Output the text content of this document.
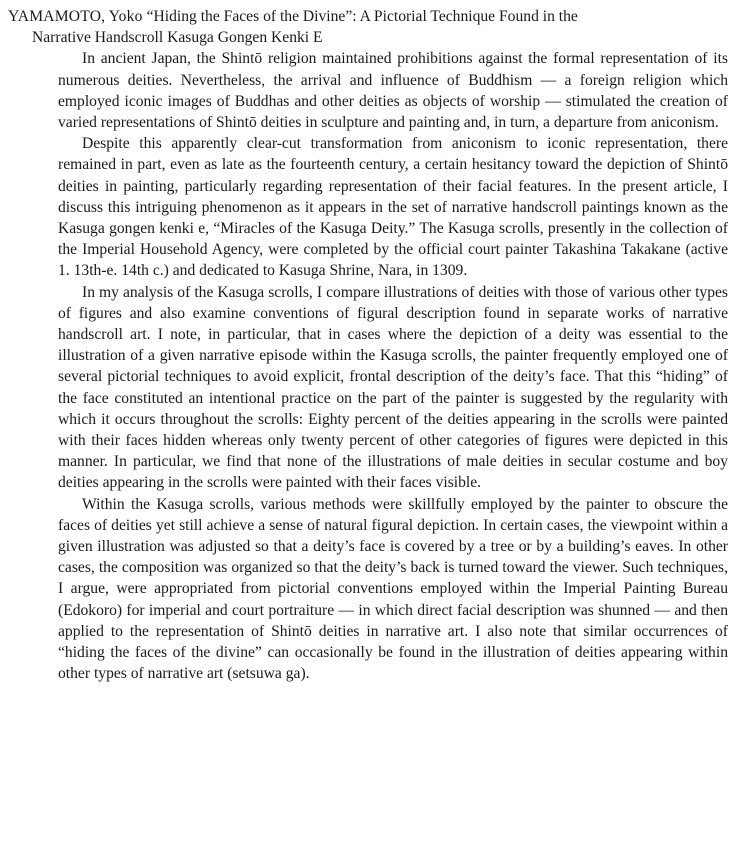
YAMAMOTO, Yoko “Hiding the Faces of the Divine”: A Pictorial Technique Found in the
Narrative Handscroll Kasuga Gongen Kenki E

In ancient Japan, the Shintō religion maintained prohibitions against the formal representation of its numerous deities. Nevertheless, the arrival and influence of Buddhism — a foreign religion which employed iconic images of Buddhas and other deities as objects of worship — stimulated the creation of varied representations of Shintō deities in sculpture and painting and, in turn, a departure from aniconism.

Despite this apparently clear-cut transformation from aniconism to iconic representation, there remained in part, even as late as the fourteenth century, a certain hesitancy toward the depiction of Shintō deities in painting, particularly regarding representation of their facial features. In the present article, I discuss this intriguing phenomenon as it appears in the set of narrative handscroll paintings known as the Kasuga gongen kenki e, “Miracles of the Kasuga Deity.” The Kasuga scrolls, presently in the collection of the Imperial Household Agency, were completed by the official court painter Takashina Takakane (active 1. 13th-e. 14th c.) and dedicated to Kasuga Shrine, Nara, in 1309.

In my analysis of the Kasuga scrolls, I compare illustrations of deities with those of various other types of figures and also examine conventions of figural description found in separate works of narrative handscroll art. I note, in particular, that in cases where the depiction of a deity was essential to the illustration of a given narrative episode within the Kasuga scrolls, the painter frequently employed one of several pictorial techniques to avoid explicit, frontal description of the deity’s face. That this “hiding” of the face constituted an intentional practice on the part of the painter is suggested by the regularity with which it occurs throughout the scrolls: Eighty percent of the deities appearing in the scrolls were painted with their faces hidden whereas only twenty percent of other categories of figures were depicted in this manner. In particular, we find that none of the illustrations of male deities in secular costume and boy deities appearing in the scrolls were painted with their faces visible.

Within the Kasuga scrolls, various methods were skillfully employed by the painter to obscure the faces of deities yet still achieve a sense of natural figural depiction. In certain cases, the viewpoint within a given illustration was adjusted so that a deity’s face is covered by a tree or by a building’s eaves. In other cases, the composition was organized so that the deity’s back is turned toward the viewer. Such techniques, I argue, were appropriated from pictorial conventions employed within the Imperial Painting Bureau (Edokoro) for imperial and court portraiture — in which direct facial description was shunned — and then applied to the representation of Shintō deities in narrative art. I also note that similar occurrences of “hiding the faces of the divine” can occasionally be found in the illustration of deities appearing within other types of narrative art (setsuwa ga).
